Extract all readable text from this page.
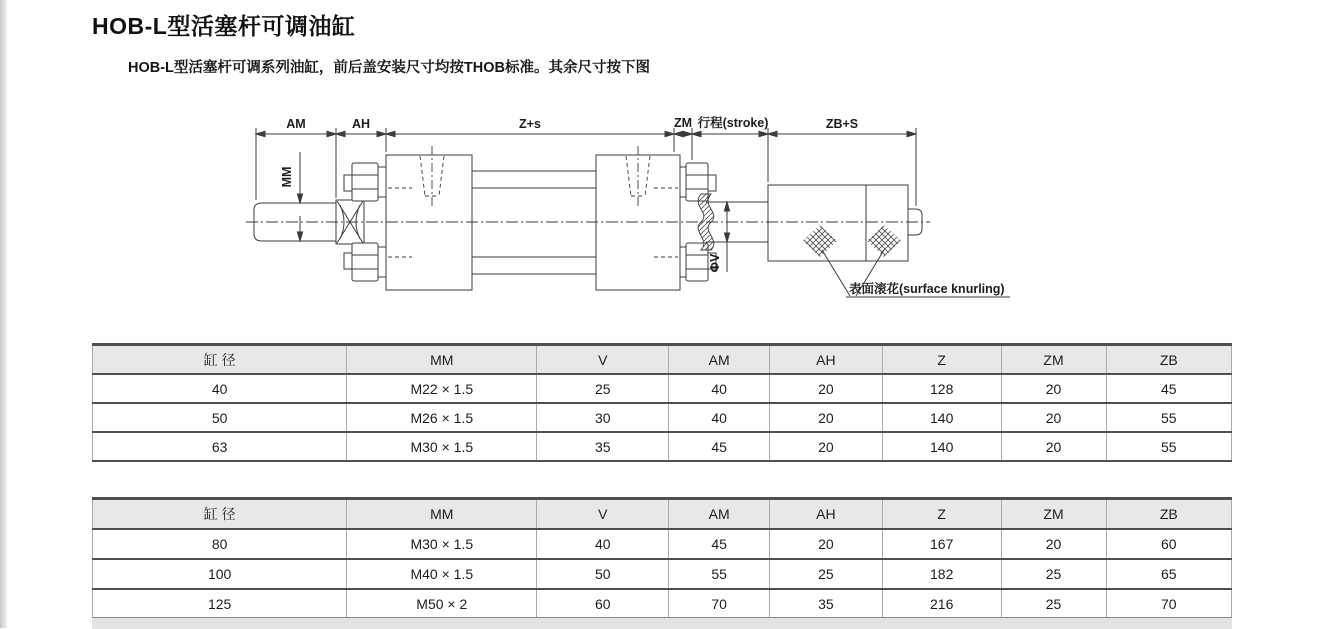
HOB-L型活塞杆可调油缸
HOB-L型活塞杆可调系列油缸，前后盖安装尺寸均按THOB标准。其余尺寸按下图
AM	AH	Z+s	ZM 行程(stroke)	ZB+S
MM
ΦV
表面滚花(surface knurling)
缸 径	MM	V	AM	AH	Z	ZM	ZB
40	M22 × 1.5	25	40	20	128	20	45
50	M26 × 1.5	30	40	20	140	20	55
63	M30 × 1.5	35	45	20	140	20	55
缸 径	MM	V	AM	AH	Z	ZM	ZB
80	M30 × 1.5	40	45	20	167	20	60
100	M40 × 1.5	50	55	25	182	25	65
125	M50 × 2	60	70	35	216	25	70
